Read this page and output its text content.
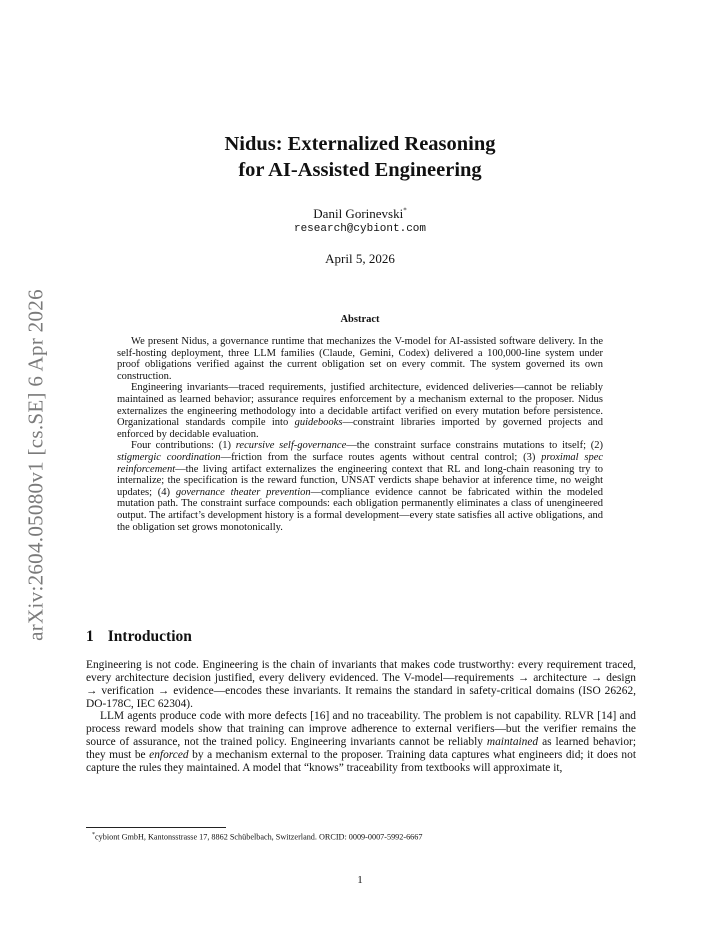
arXiv:2604.05080v1 [cs.SE] 6 Apr 2026
Nidus: Externalized Reasoning
for AI-Assisted Engineering
Danil Gorinevski*
research@cybiont.com
April 5, 2026
Abstract

We present Nidus, a governance runtime that mechanizes the V-model for AI-assisted software delivery. In the self-hosting deployment, three LLM families (Claude, Gemini, Codex) delivered a 100,000-line system under proof obligations verified against the current obligation set on every commit. The system governed its own construction.

Engineering invariants—traced requirements, justified architecture, evidenced deliveries—cannot be reliably maintained as learned behavior; assurance requires enforcement by a mechanism external to the proposer. Nidus externalizes the engineering methodology into a decidable artifact verified on every mutation before persistence. Organizational standards compile into guidebooks—constraint libraries imported by governed projects and enforced by decidable evaluation.

Four contributions: (1) recursive self-governance—the constraint surface constrains mutations to itself; (2) stigmergic coordination—friction from the surface routes agents without central control; (3) proximal spec reinforcement—the living artifact externalizes the engineering context that RL and long-chain reasoning try to internalize; the specification is the reward function, UNSAT verdicts shape behavior at inference time, no weight updates; (4) governance theater prevention—compliance evidence cannot be fabricated within the modeled mutation path. The constraint surface compounds: each obligation permanently eliminates a class of unengineered output. The artifact’s development history is a formal development—every state satisfies all active obligations, and the obligation set grows monotonically.

1 Introduction

Engineering is not code. Engineering is the chain of invariants that makes code trustworthy: every requirement traced, every architecture decision justified, every delivery evidenced. The V-model—requirements → architecture → design → verification → evidence—encodes these invariants. It remains the standard in safety-critical domains (ISO 26262, DO-178C, IEC 62304).

LLM agents produce code with more defects [16] and no traceability. The problem is not capability. RLVR [14] and process reward models show that training can improve adherence to external verifiers—but the verifier remains the source of assurance, not the trained policy. Engineering invariants cannot be reliably maintained as learned behavior; they must be enforced by a mechanism external to the proposer. Training data captures what engineers did; it does not capture the rules they maintained. A model that “knows” traceability from textbooks will approximate it,

*cybiont GmbH, Kantonsstrasse 17, 8862 Schübelbach, Switzerland. ORCID: 0009-0007-5992-6667
1
